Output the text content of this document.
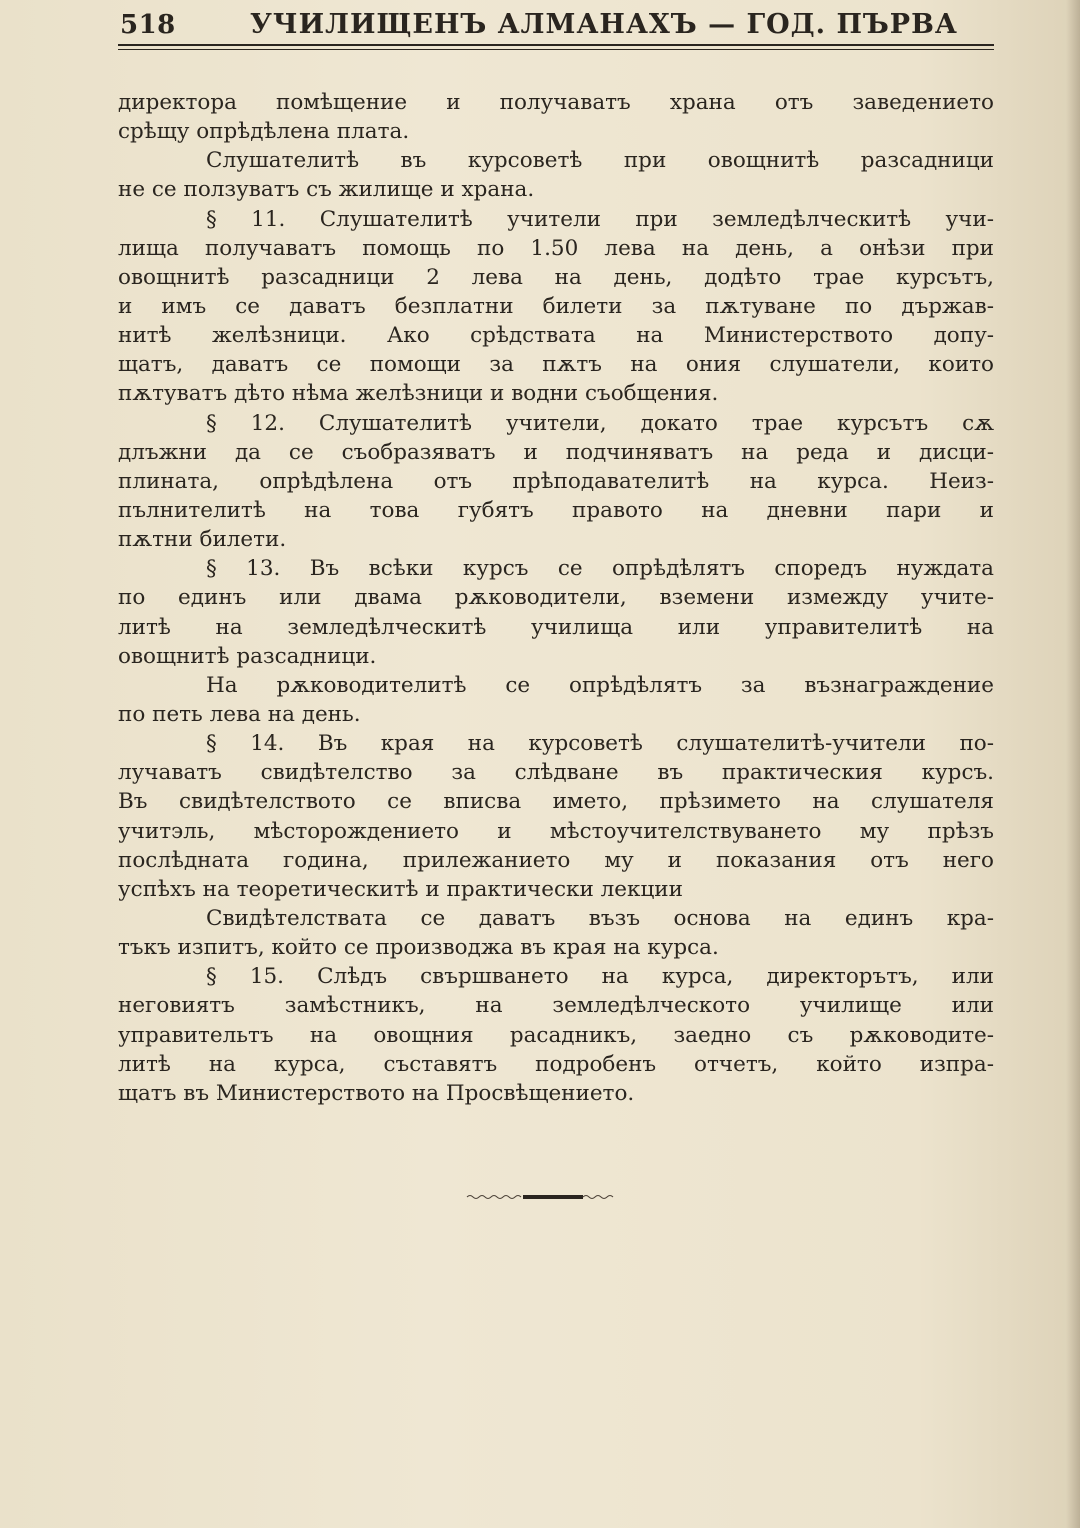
518	УЧИЛИЩЕНЪ АЛМАНАХЪ — ГОД. ПЪРВА
директора помѣщение и получаватъ храна отъ заведението
срѣщу опрѣдѣлена плата.
Слушателитѣ въ курсоветѣ при овощнитѣ разсадници
не се ползуватъ съ жилище и храна.
§ 11. Слушателитѣ учители при земледѣлческитѣ учи-
лища получаватъ помощь по 1.50 лева на день, а онѣзи при
овощнитѣ разсадници 2 лева на день, додѣто трае курсътъ,
и имъ се даватъ безплатни билети за пѫтуване по държав-
нитѣ желѣзници. Ако срѣдствата на Министерството допу-
щатъ, даватъ се помощи за пѫтъ на ония слушатели, които
пѫтуватъ дѣто нѣма желѣзници и водни съобщения.
§ 12. Слушателитѣ учители, докато трае курсътъ сѫ
длъжни да се съобразяватъ и подчиняватъ на реда и дисци-
плината, опрѣдѣлена отъ прѣподавателитѣ на курса. Неиз-
пълнителитѣ на това губятъ правото на дневни пари и
пѫтни билети.
§ 13. Въ всѣки курсъ се опрѣдѣлятъ споредъ нуждата
по единъ или двама рѫководители, вземени измежду учите-
литѣ на земледѣлческитѣ училища или управителитѣ на
овощнитѣ разсадници.
На рѫководителитѣ се опрѣдѣлятъ за възнаграждение
по петь лева на день.
§ 14. Въ края на курсоветѣ слушателитѣ-учители по-
лучаватъ свидѣтелство за слѣдване въ практическия курсъ.
Въ свидѣтелството се вписва името, прѣзимето на слушателя
учитэль, мѣсторождението и мѣстоучителствуването му прѣзъ
послѣдната година, прилежанието му и показания отъ него
успѣхъ на теоретическитѣ и практически лекции
Свидѣтелствата се даватъ възъ основа на единъ кра-
тъкъ изпитъ, който се производжа въ края на курса.
§ 15. Слѣдъ свършването на курса, директорътъ, или
неговиятъ замѣстникъ, на земледѣлческото училище или
управительтъ на овощния расадникъ, заедно съ рѫководите-
литѣ на курса, съставятъ подробенъ отчетъ, който изпра-
щатъ въ Министерството на Просвѣщението.
